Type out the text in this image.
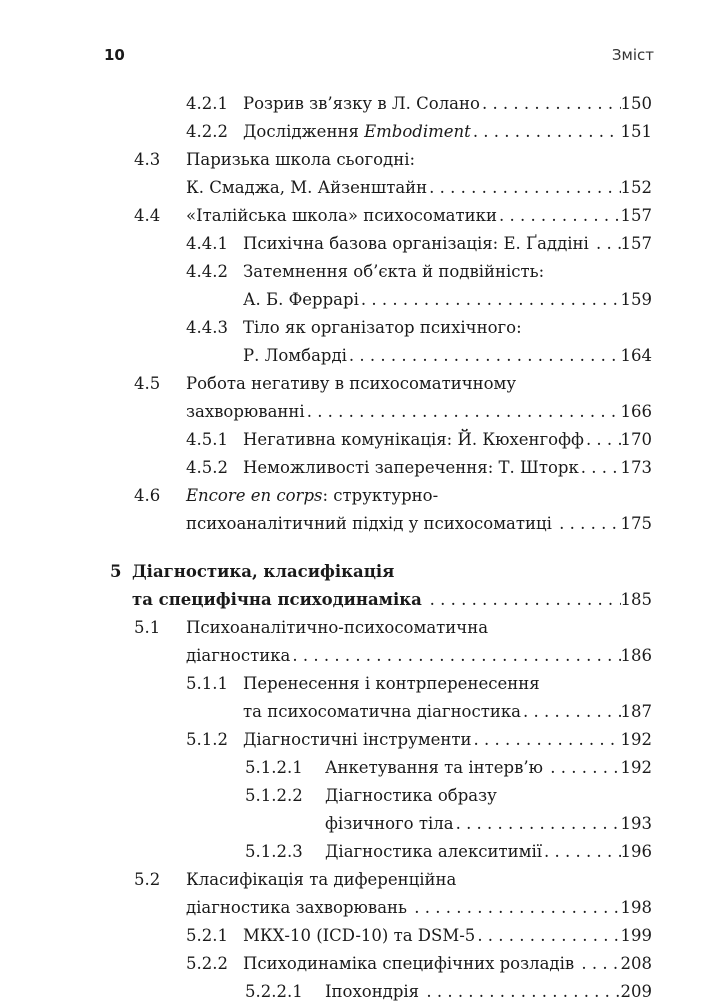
10	Зміст
4.2.1 Розрив зв’язку в Л. Солано . . .	150
4.2.2 Дослідження Embodiment . . .	151
4.3 Паризька школа сьогодні:
К. Смаджа, М. Айзенштайн . . .	152
4.4 «Італійська школа» психосоматики . . .	157
4.4.1 Психічна базова організація: Е. Ґаддіні . . . 157
4.4.2 Затемнення об’єкта й подвійність:
А. Б. Феррарі . . .	159
4.4.3 Тіло як організатор психічного:
Р. Ломбарді . . .	164
4.5 Робота негативу в психосоматичному
захворюванні . . .	166
4.5.1 Негативна комунікація: Й. Кюхенгофф . . . 170
4.5.2 Неможливості заперечення: Т. Шторк . . .	173
4.6 Encore en corps : структурно-
психоаналітичний підхід у психосоматиці . . .	175
5 Діагностика, класифікація
та специфічна психодинаміка . . .	185
5.1 Психоаналітично-психосоматична
діагностика . . .	186
5.1.1 Перенесення і контрперенесення
та психосоматична діагностика . . .	187
5.1.2 Діагностичні інструменти . . .	192
5.1.2.1 Анкетування та інтерв’ю . . .	192
5.1.2.2 Діагностика образу
фізичного тіла . . .	193
5.1.2.3 Діагностика алекситимії . . .	196
5.2 Класифікація та диференційна
діагностика захворювань . . .	198
5.2.1 МКХ-10 (ICD-10) та DSM-5 . . .	199
5.2.2 Психодинаміка специфічних розладів . . . 208
5.2.2.1 Іпохондрія . . .	209
